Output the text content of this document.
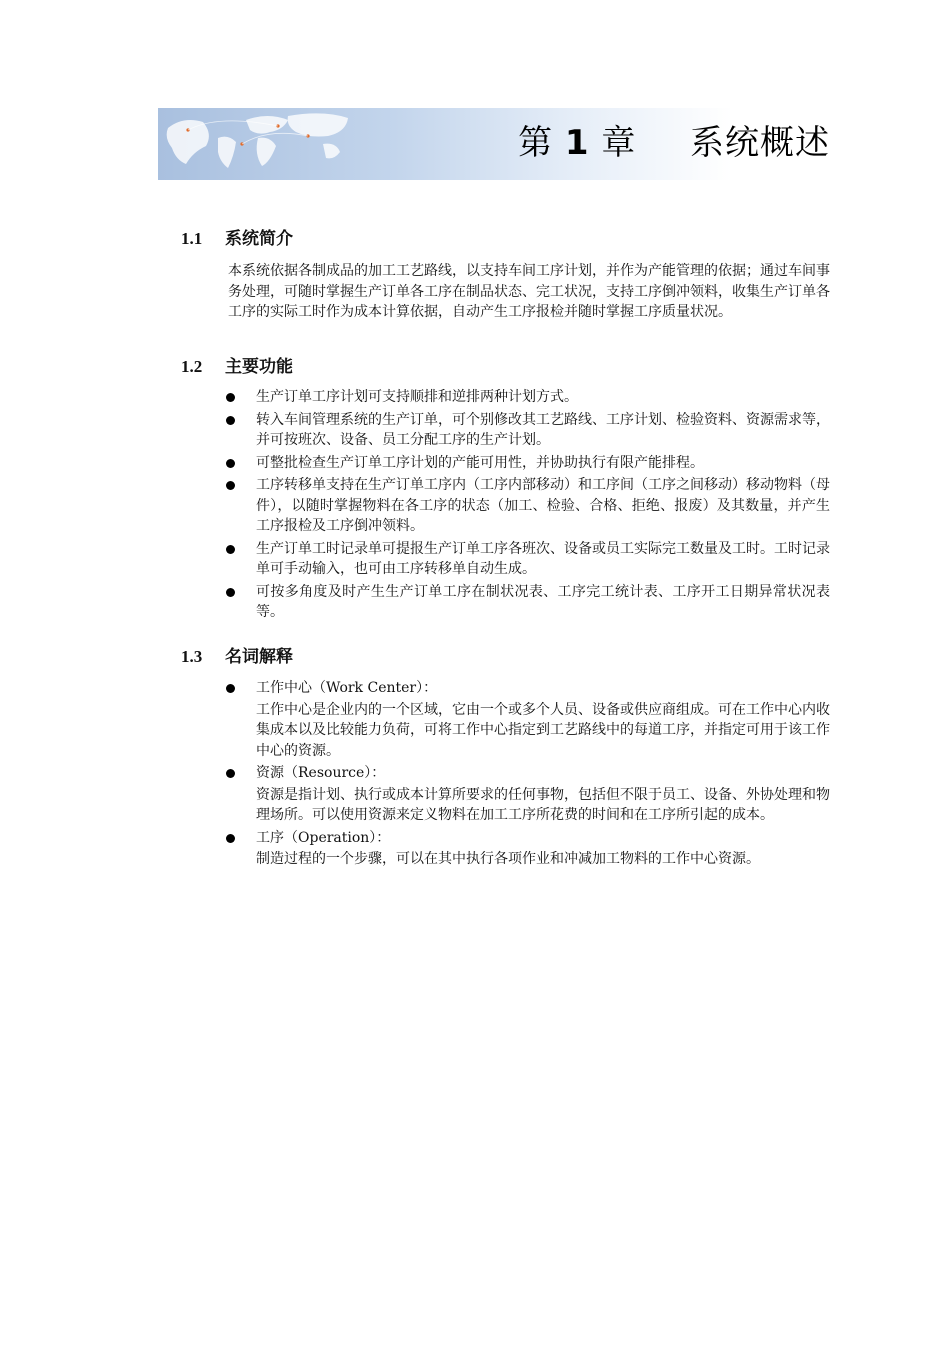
第 1 章 系统概述
1.1 系统简介

本系统依据各制成品的加工工艺路线，以支持车间工序计划，并作为产能管理的依据；通过车间事务处理，可随时掌握生产订单各工序在制品状态、完工状况，支持工序倒冲领料，收集生产订单各工序的实际工时作为成本计算依据，自动产生工序报检并随时掌握工序质量状况。

1.2 主要功能
生产订单工序计划可支持顺排和逆排两种计划方式。
转入车间管理系统的生产订单，可个别修改其工艺路线、工序计划、检验资料、资源需求等，并可按班次、设备、员工分配工序的生产计划。
可整批检查生产订单工序计划的产能可用性，并协助执行有限产能排程。
工序转移单支持在生产订单工序内（工序内部移动）和工序间（工序之间移动）移动物料（母件），以随时掌握物料在各工序的状态（加工、检验、合格、拒绝、报废）及其数量，并产生工序报检及工序倒冲领料。
生产订单工时记录单可提报生产订单工序各班次、设备或员工实际完工数量及工时。工时记录单可手动输入，也可由工序转移单自动生成。
可按多角度及时产生生产订单工序在制状况表、工序完工统计表、工序开工日期异常状况表等。
1.3 名词解释
工作中心（Work Center）：
工作中心是企业内的一个区域，它由一个或多个人员、设备或供应商组成。可在工作中心内收集成本以及比较能力负荷，可将工作中心指定到工艺路线中的每道工序，并指定可用于该工作中心的资源。
资源（Resource）：
资源是指计划、执行或成本计算所要求的任何事物，包括但不限于员工、设备、外协处理和物理场所。可以使用资源来定义物料在加工工序所花费的时间和在工序所引起的成本。
工序（Operation）：
制造过程的一个步骤，可以在其中执行各项作业和冲减加工物料的工作中心资源。
